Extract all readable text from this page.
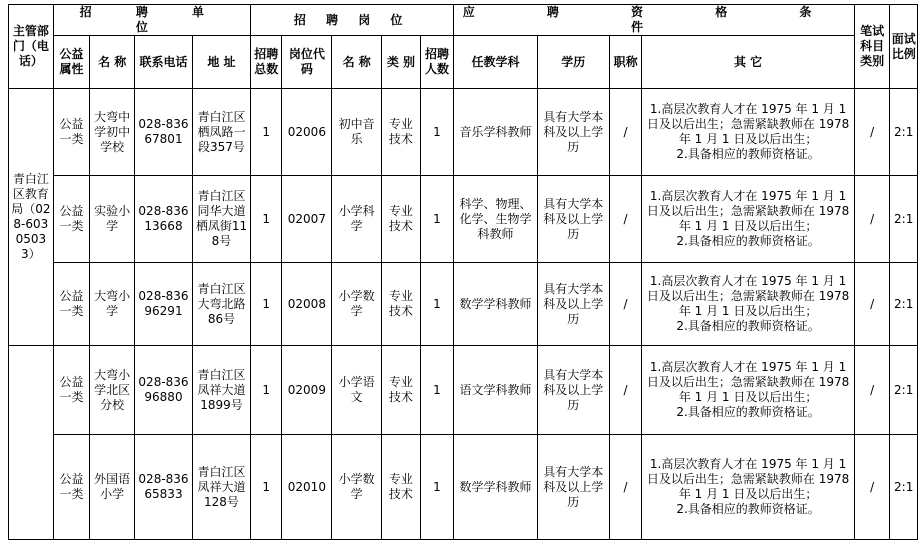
主管部门（电话）	招 聘 单 位				招 聘 岗 位					应 聘 资 格 条 件				笔试科目类别	面试比例
	公益属性	名 称	联系电话	地 址	招聘总数	岗位代码	名 称	类 别	招聘人数	任教学科	学历	职称	其 它		
青白江区教育局（028-60305033）	公益一类	大弯中学初中学校	028-83667801	青白江区栖凤路一段357号	1	02006	初中音乐	专业技术	1	音乐学科教师	具有大学本科及以上学历	/	1.高层次教育人才在 1975 年 1 月 1 日及以后出生；急需紧缺教师在 1978 年 1 月 1 日及以后出生；
2.具备相应的教师资格证。	/	2:1
	公益一类	实验小学	028-83613668	青白江区同华大道栖凤街118号	1	02007	小学科学	专业技术	1	科学、物理、化学、生物学科教师	具有大学本科及以上学历	/	1.高层次教育人才在 1975 年 1 月 1 日及以后出生；急需紧缺教师在 1978 年 1 月 1 日及以后出生；
2.具备相应的教师资格证。	/	2:1
	公益一类	大弯小学	028-83696291	青白江区大弯北路86号	1	02008	小学数学	专业技术	1	数学学科教师	具有大学本科及以上学历	/	1.高层次教育人才在 1975 年 1 月 1 日及以后出生；急需紧缺教师在 1978 年 1 月 1 日及以后出生；
2.具备相应的教师资格证。	/	2:1
	公益一类	大弯小学北区分校	028-83696880	青白江区凤祥大道1899号	1	02009	小学语文	专业技术	1	语文学科教师	具有大学本科及以上学历	/	1.高层次教育人才在 1975 年 1 月 1 日及以后出生；急需紧缺教师在 1978 年 1 月 1 日及以后出生；
2.具备相应的教师资格证。	/	2:1
	公益一类	外国语小学	028-83665833	青白江区凤祥大道128号	1	02010	小学数学	专业技术	1	数学学科教师	具有大学本科及以上学历	/	1.高层次教育人才在 1975 年 1 月 1 日及以后出生；急需紧缺教师在 1978 年 1 月 1 日及以后出生；
2.具备相应的教师资格证。	/	2:1
